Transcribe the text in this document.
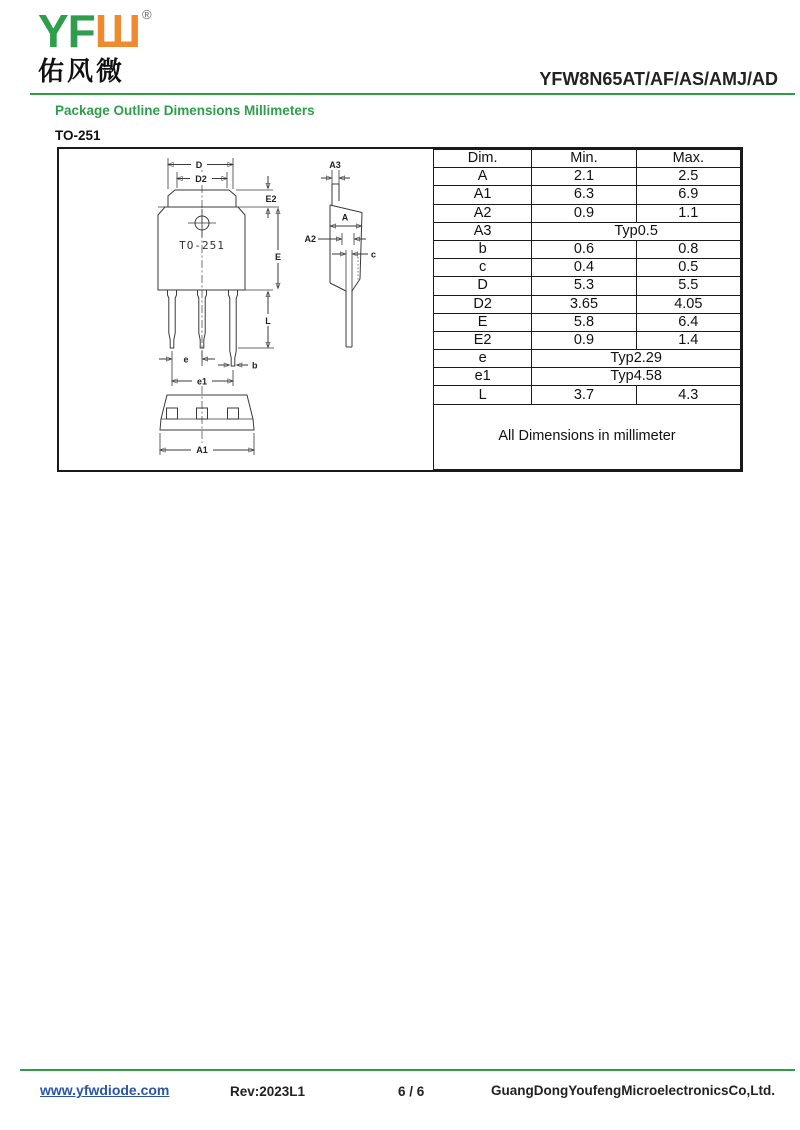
YFШ ®
佑风微	YFW8N65AT/AF/AS/AMJ/AD
Package Outline Dimensions Millimeters
TO-251
D
D2
TO-251
E2
E
L
e
b
e1
A1
A3
A
A2
c
Dim.	Min.	Max.
A	2.1	2.5
A1	6.3	6.9
A2	0.9	1.1
A3	Typ0.5	
b	0.6	0.8
c	0.4	0.5
D	5.3	5.5
D2	3.65	4.05
E	5.8	6.4
E2	0.9	1.4
e	Typ2.29	
e1	Typ4.58	
L	3.7	4.3
All Dimensions in millimeter		
www.yfwdiode.com	Rev:2023L1	6 / 6	GuangDongYoufengMicroelectronicsCo,Ltd.
